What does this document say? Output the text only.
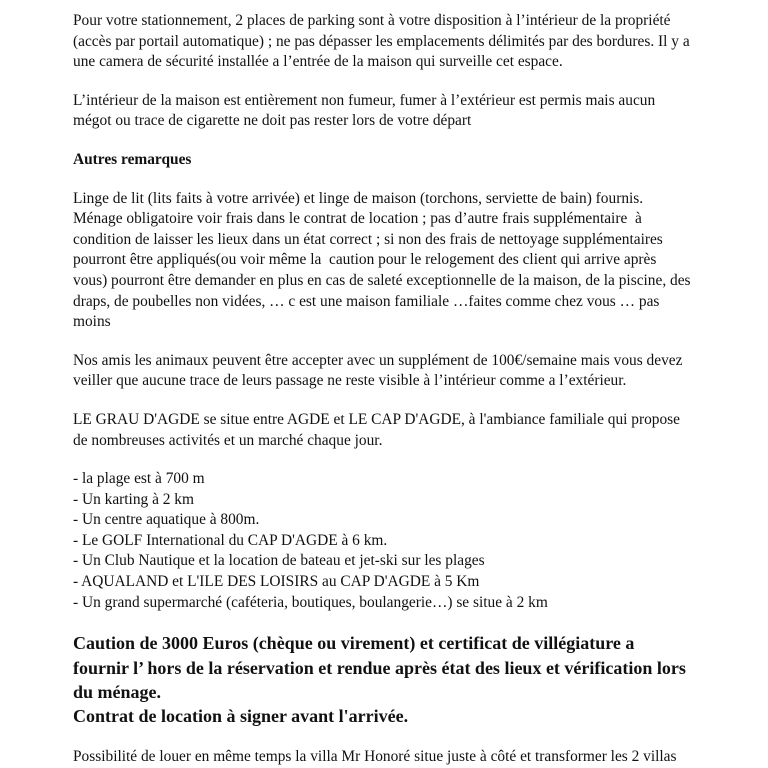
Pour votre stationnement, 2 places de parking sont à votre disposition à l’intérieur de la propriété
(accès par portail automatique) ; ne pas dépasser les emplacements délimités par des bordures. Il y a
une camera de sécurité installée a l’entrée de la maison qui surveille cet espace.
L’intérieur de la maison est entièrement non fumeur, fumer à l’extérieur est permis mais aucun
mégot ou trace de cigarette ne doit pas rester lors de votre départ
Autres remarques
Linge de lit (lits faits à votre arrivée) et linge de maison (torchons, serviette de bain) fournis.
Ménage obligatoire voir frais dans le contrat de location ; pas d’autre frais supplémentaire  à
condition de laisser les lieux dans un état correct ; si non des frais de nettoyage supplémentaires
pourront être appliqués(ou voir même la  caution pour le relogement des client qui arrive après
vous) pourront être demander en plus en cas de saleté exceptionnelle de la maison, de la piscine, des
draps, de poubelles non vidées, … c est une maison familiale …faites comme chez vous … pas
moins
Nos amis les animaux peuvent être accepter avec un supplément de 100€/semaine mais vous devez
veiller que aucune trace de leurs passage ne reste visible à l’intérieur comme a l’extérieur.
LE GRAU D'AGDE se situe entre AGDE et LE CAP D'AGDE, à l'ambiance familiale qui propose
de nombreuses activités et un marché chaque jour.
- la plage est à 700 m
- Un karting à 2 km
- Un centre aquatique à 800m.
- Le GOLF International du CAP D'AGDE à 6 km.
- Un Club Nautique et la location de bateau et jet-ski sur les plages
- AQUALAND et L'ILE DES LOISIRS au CAP D'AGDE à 5 Km
- Un grand supermarché (caféteria, boutiques, boulangerie…) se situe à 2 km
Caution de 3000 Euros (chèque ou virement) et certificat de villégiature a
fournir l’ hors de la réservation et rendue après état des lieux et vérification lors
du ménage.
Contrat de location à signer avant l'arrivée.
Possibilité de louer en même temps la villa Mr Honoré situe juste à côté et transformer les 2 villas
